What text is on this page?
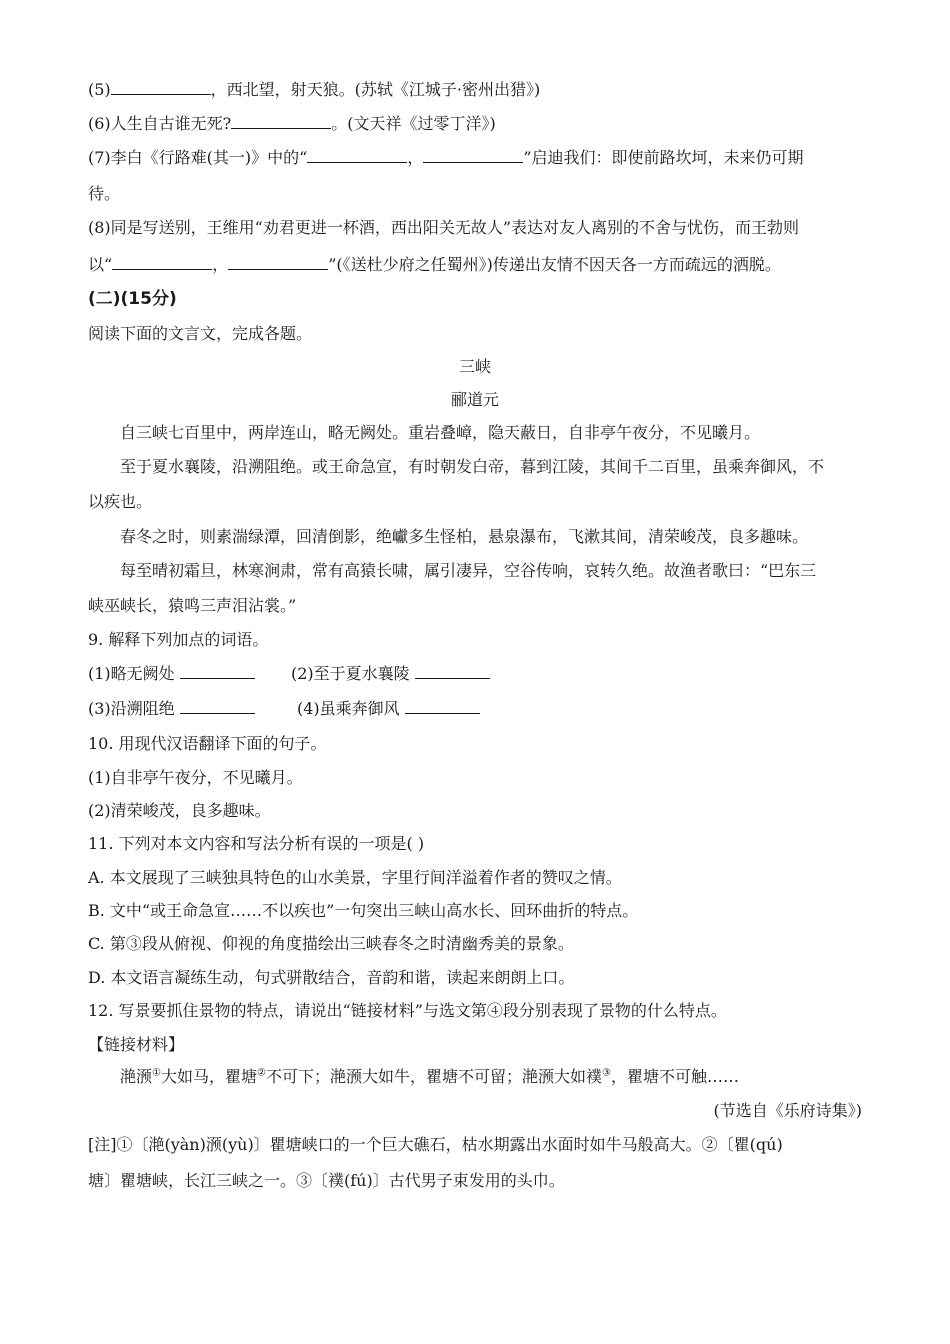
(5)	，西北望，射天狼。(苏轼《江城子·密州出猎》)
(6)人生自古谁无死?	。(文天祥《过零丁洋》)
(7)李白《行路难(其一)》中的“	，	”启迪我们：即使前路坎坷，未来仍可期
待。
(8)同是写送别，王维用“劝君更进一杯酒，西出阳关无故人”表达对友人离别的不舍与忧伤，而王勃则
以“	，	”(《送杜少府之任蜀州》)传递出友情不因天各一方而疏远的洒脱。
(二)(15分)
阅读下面的文言文，完成各题。
三峡
郦道元
自三峡七百里中，两岸连山，略无阙处。重岩叠嶂，隐天蔽日，自非亭午夜分，不见曦月。
至于夏水襄陵，沿溯阻绝。或王命急宣，有时朝发白帝，暮到江陵，其间千二百里，虽乘奔御风，不
以疾也。
春冬之时，则素湍绿潭，回清倒影，绝巘多生怪柏，悬泉瀑布，飞漱其间，清荣峻茂，良多趣味。
每至晴初霜旦，林寒涧肃，常有高猿长啸，属引凄异，空谷传响，哀转久绝。故渔者歌曰：“巴东三
峡巫峡长，猿鸣三声泪沾裳。”
9. 解释下列加点的词语。
(1)略无阙处	(2)至于夏水襄陵
(3)沿溯阻绝	(4)虽乘奔御风
10. 用现代汉语翻译下面的句子。
(1)自非亭午夜分，不见曦月。
(2)清荣峻茂，良多趣味。
11. 下列对本文内容和写法分析有误的一项是( )
A. 本文展现了三峡独具特色的山水美景，字里行间洋溢着作者的赞叹之情。
B. 文中“或王命急宣……不以疾也”一句突出三峡山高水长、回环曲折的特点。
C. 第③段从俯视、仰视的角度描绘出三峡春冬之时清幽秀美的景象。
D. 本文语言凝练生动，句式骈散结合，音韵和谐，读起来朗朗上口。
12. 写景要抓住景物的特点，请说出“链接材料”与选文第④段分别表现了景物的什么特点。
【链接材料】
滟滪①大如马，瞿塘②不可下；滟滪大如牛，瞿塘不可留；滟滪大如襆③，瞿塘不可触……
(节选自《乐府诗集》)
[注]①〔滟(yàn)滪(yù)〕瞿塘峡口的一个巨大礁石，枯水期露出水面时如牛马般高大。②〔瞿(qú)
塘〕瞿塘峡，长江三峡之一。③〔襆(fú)〕古代男子束发用的头巾。
